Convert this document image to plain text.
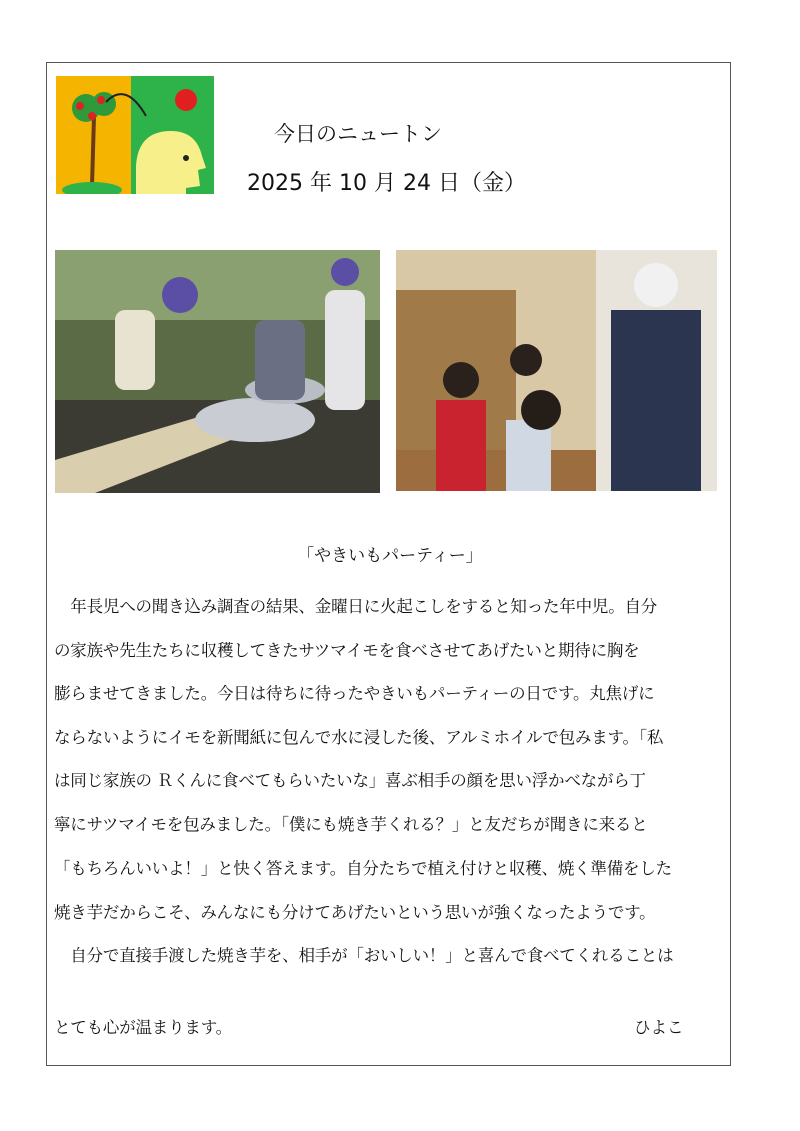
今日のニュートン
2025 年 10 月 24 日（金）
「やきいもパーティー」
　年長児への聞き込み調査の結果、金曜日に火起こしをすると知った年中児。自分
の家族や先生たちに収穫してきたサツマイモを食べさせてあげたいと期待に胸を
膨らませてきました。今日は待ちに待ったやきいもパーティーの日です。丸焦げに
ならないようにイモを新聞紙に包んで水に浸した後、アルミホイルで包みます。「私
は同じ家族の Ｒくんに食べてもらいたいな」喜ぶ相手の顔を思い浮かべながら丁
寧にサツマイモを包みました。「僕にも焼き芋くれる？」と友だちが聞きに来ると
「もちろんいいよ！」と快く答えます。自分たちで植え付けと収穫、焼く準備をした
焼き芋だからこそ、みんなにも分けてあげたいという思いが強くなったようです。
　自分で直接手渡した焼き芋を、相手が「おいしい！」と喜んで食べてくれることは
とても心が温まります。	ひよこ
